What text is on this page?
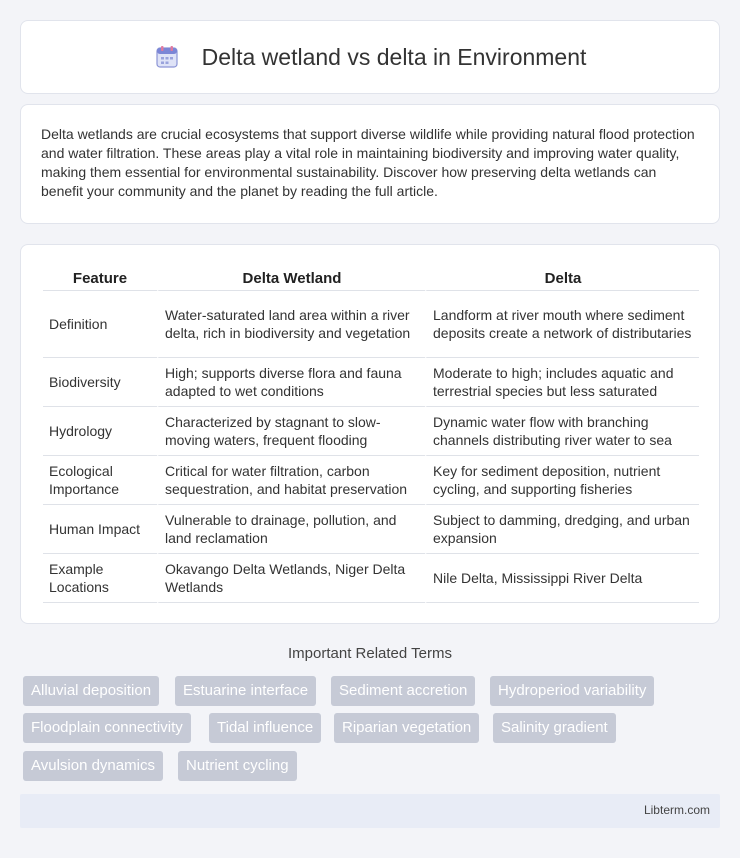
Delta wetland vs delta in Environment

Delta wetlands are crucial ecosystems that support diverse wildlife while providing natural flood protection and water filtration. These areas play a vital role in maintaining biodiversity and improving water quality, making them essential for environmental sustainability. Discover how preserving delta wetlands can benefit your community and the planet by reading the full article.

Feature	Delta Wetland	Delta
Definition	Water-saturated land area within a river delta, rich in biodiversity and vegetation	Landform at river mouth where sediment deposits create a network of distributaries
Biodiversity	High; supports diverse flora and fauna adapted to wet conditions	Moderate to high; includes aquatic and terrestrial species but less saturated
Hydrology	Characterized by stagnant to slow-moving waters, frequent flooding	Dynamic water flow with branching channels distributing river water to sea
Ecological Importance	Critical for water filtration, carbon sequestration, and habitat preservation	Key for sediment deposition, nutrient cycling, and supporting fisheries
Human Impact	Vulnerable to drainage, pollution, and land reclamation	Subject to damming, dredging, and urban expansion
Example Locations	Okavango Delta Wetlands, Niger Delta Wetlands	Nile Delta, Mississippi River Delta
Important Related Terms
Alluvial deposition	Estuarine interface	Sediment accretion	Hydroperiod variability
Floodplain connectivity	Tidal influence	Riparian vegetation	Salinity gradient
Avulsion dynamics	Nutrient cycling
Libterm.com
